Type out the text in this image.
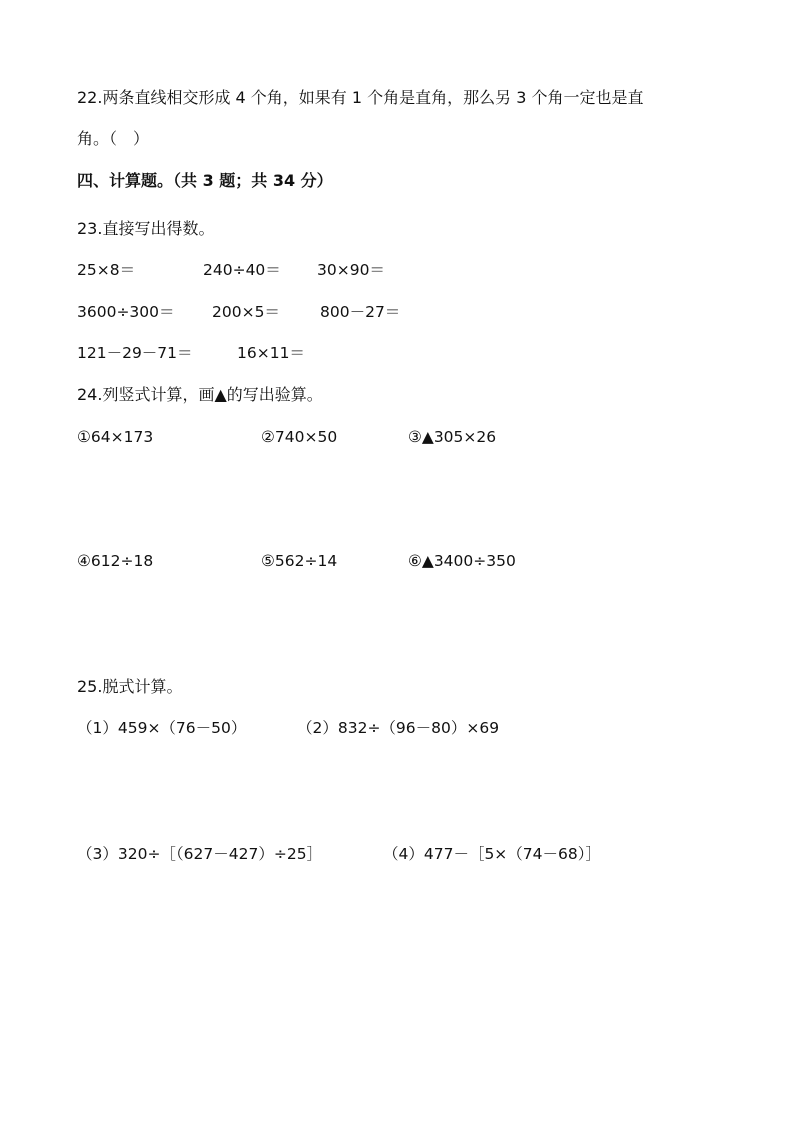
22.两条直线相交形成 4 个角，如果有 1 个角是直角，那么另 3 个角一定也是直
角。（　）
四、计算题。（共 3 题；共 34 分）
23.直接写出得数。
25×8＝	240÷40＝ 30×90＝
3600÷300＝ 200×5＝	800－27＝
121－29－71＝	16×11＝
24.列竖式计算，画▲的写出验算。
①64×173	②740×50	③▲305×26
④612÷18	⑤562÷14	⑥▲3400÷350
25.脱式计算。
（1）459×（76－50）	（2）832÷（96－80）×69
（3）320÷［（627－427）÷25］	（4）477－［5×（74－68）］
